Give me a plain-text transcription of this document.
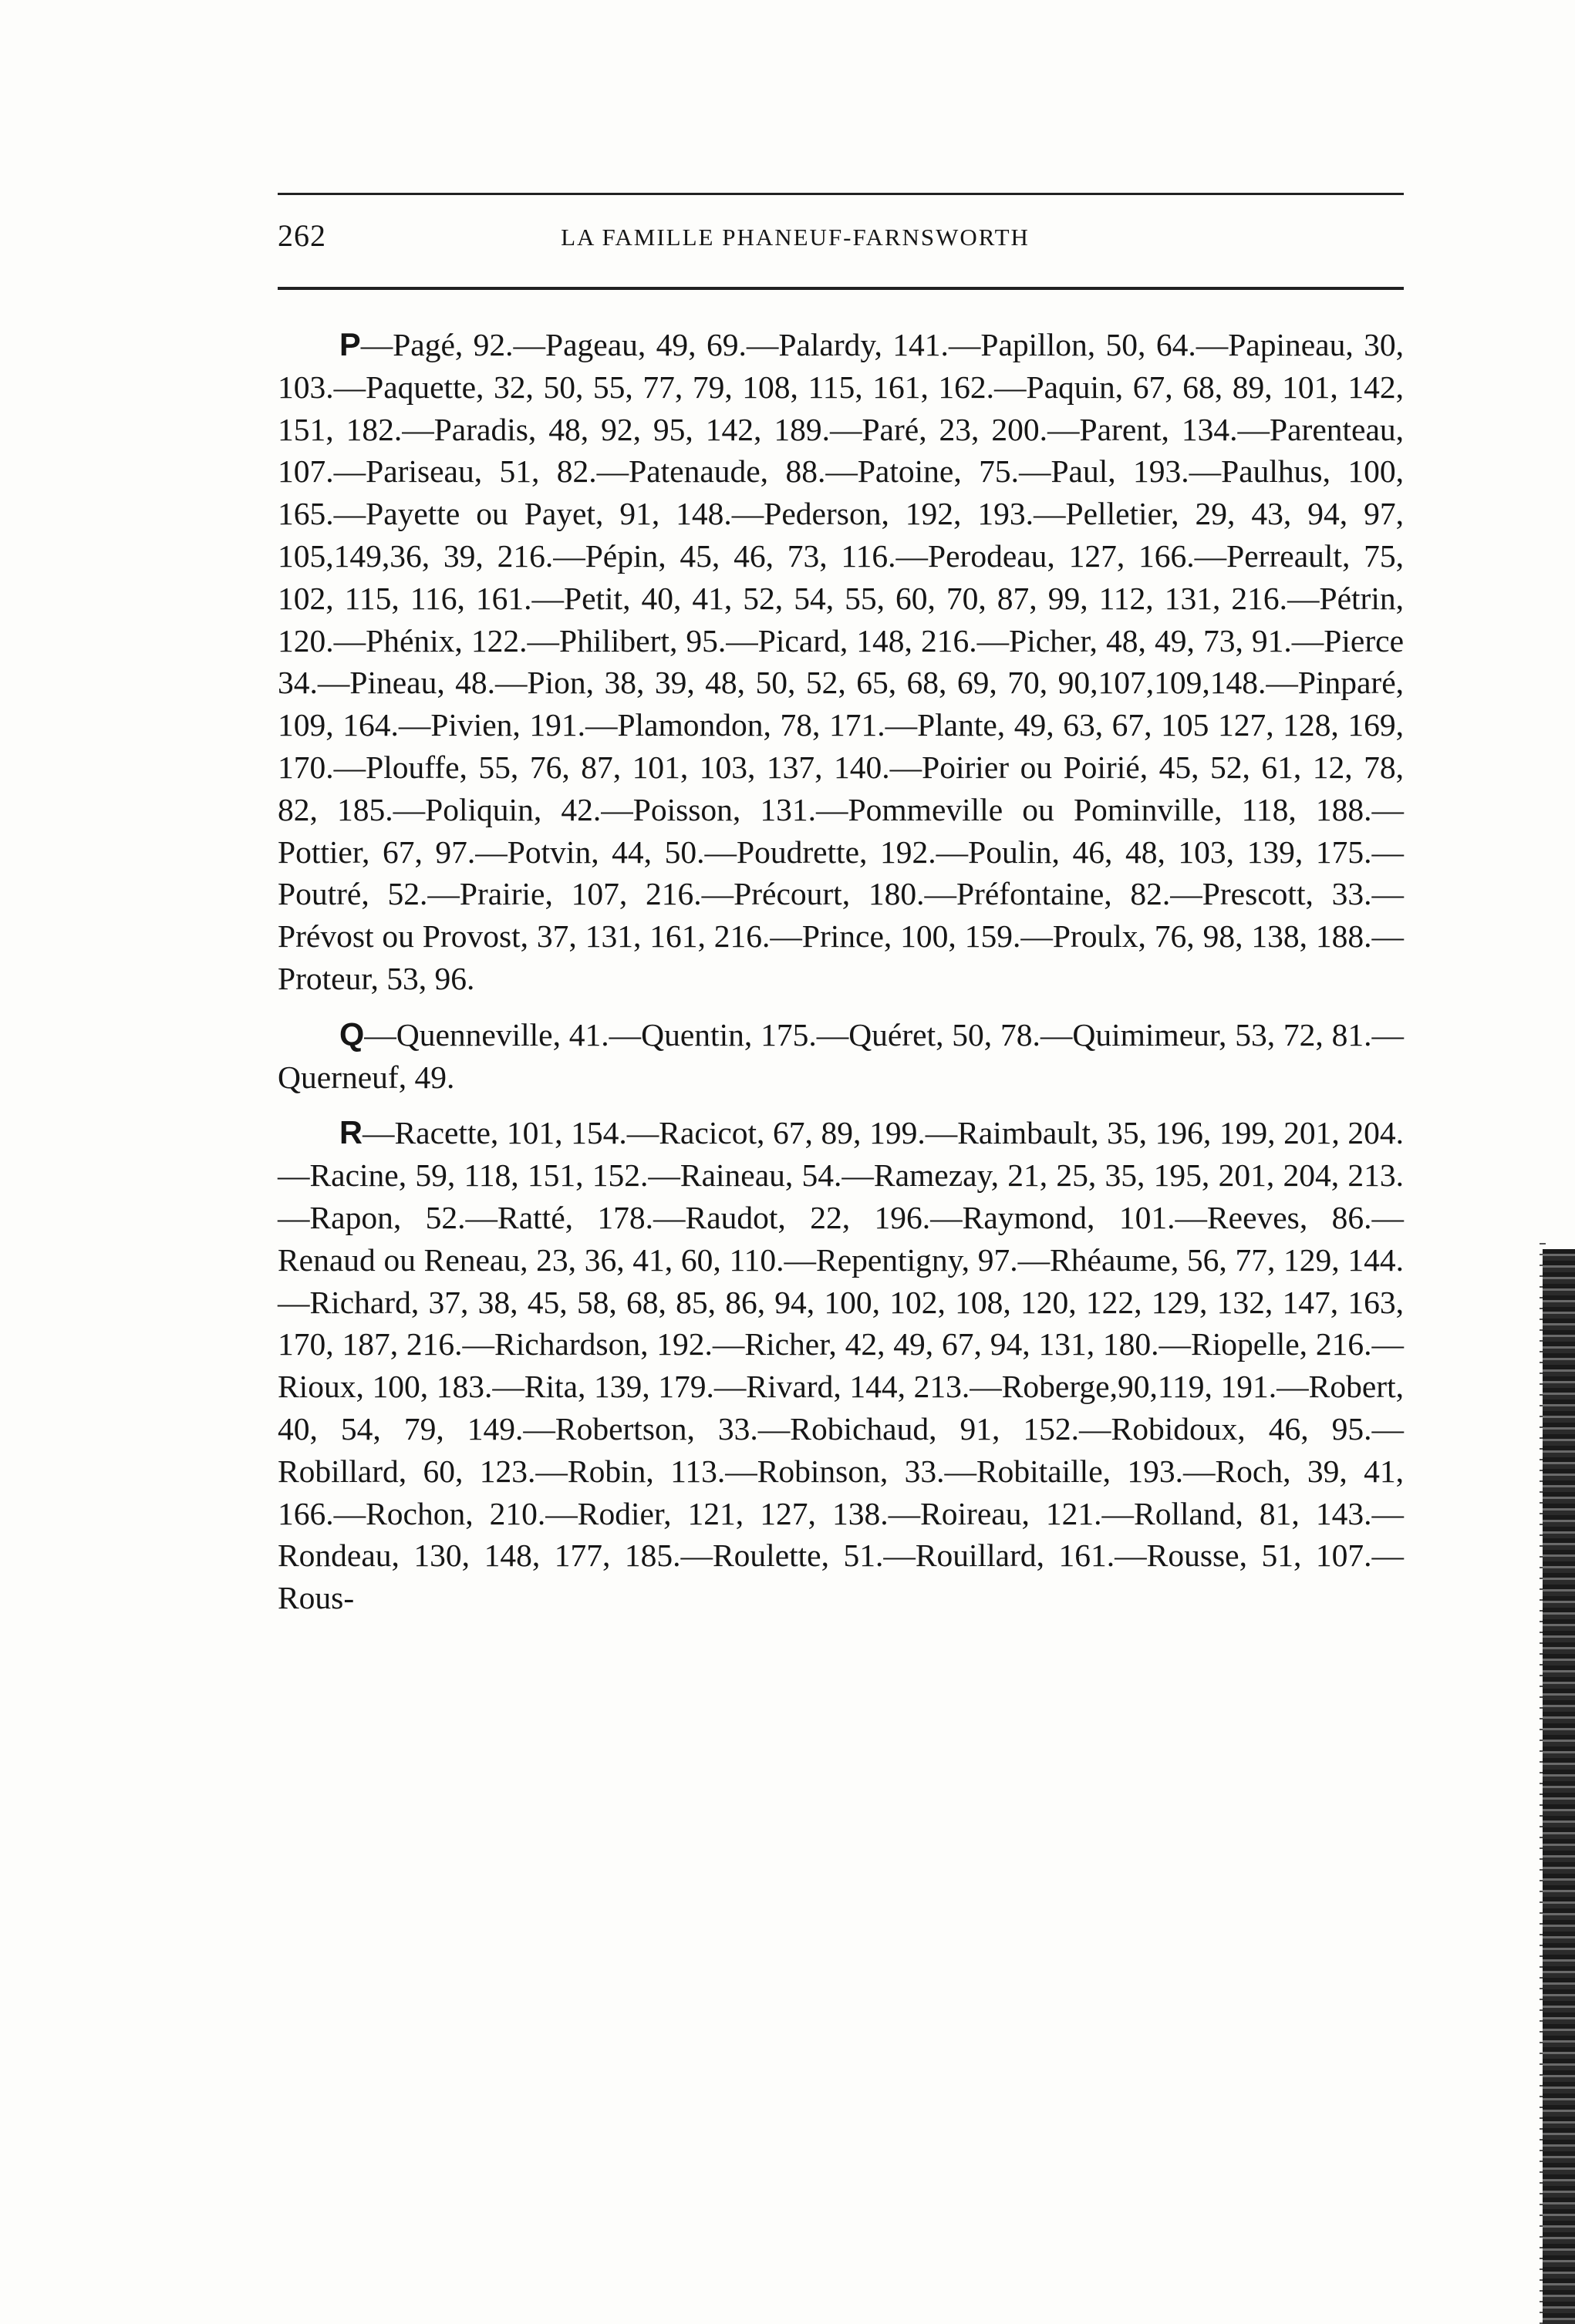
262	LA FAMILLE PHANEUF-FARNSWORTH

P—Pagé, 92.—Pageau, 49, 69.—Palardy, 141.—Papillon, 50, 64.—Papineau, 30, 103.—Paquette, 32, 50, 55, 77, 79, 108, 115, 161, 162.—Paquin, 67, 68, 89, 101, 142, 151, 182.—Paradis, 48, 92, 95, 142, 189.—Paré, 23, 200.—Parent, 134.—Parenteau, 107.—Pariseau, 51, 82.—Patenaude, 88.—Patoine, 75.—Paul, 193.—Paulhus, 100, 165.—Payette ou Payet, 91, 148.—Pederson, 192, 193.—Pelletier, 29, 43, 94, 97, 105,149,36, 39, 216.—Pépin, 45, 46, 73, 116.—Perodeau, 127, 166.—Perreault, 75, 102, 115, 116, 161.—Petit, 40, 41, 52, 54, 55, 60, 70, 87, 99, 112, 131, 216.—Pétrin, 120.—Phénix, 122.—Philibert, 95.—Picard, 148, 216.—Picher, 48, 49, 73, 91.—Pierce 34.—Pineau, 48.—Pion, 38, 39, 48, 50, 52, 65, 68, 69, 70, 90,107,109,148.—Pinparé, 109, 164.—Pivien, 191.—Plamondon, 78, 171.—Plante, 49, 63, 67, 105 127, 128, 169, 170.—Plouffe, 55, 76, 87, 101, 103, 137, 140.—Poirier ou Poirié, 45, 52, 61, 12, 78, 82, 185.—Poliquin, 42.—Poisson, 131.—Pommeville ou Pominville, 118, 188.—Pottier, 67, 97.—Potvin, 44, 50.—Poudrette, 192.—Poulin, 46, 48, 103, 139, 175.—Poutré, 52.—Prairie, 107, 216.—Précourt, 180.—Préfontaine, 82.—Prescott, 33.—Prévost ou Provost, 37, 131, 161, 216.—Prince, 100, 159.—Proulx, 76, 98, 138, 188.—Proteur, 53, 96.

Q—Quenneville, 41.—Quentin, 175.—Quéret, 50, 78.—Quimimeur, 53, 72, 81.—Querneuf, 49.

R—Racette, 101, 154.—Racicot, 67, 89, 199.—Raimbault, 35, 196, 199, 201, 204.—Racine, 59, 118, 151, 152.—Raineau, 54.—Ramezay, 21, 25, 35, 195, 201, 204, 213.—Rapon, 52.—Ratté, 178.—Raudot, 22, 196.—Raymond, 101.—Reeves, 86.—Renaud ou Reneau, 23, 36, 41, 60, 110.—Repentigny, 97.—Rhéaume, 56, 77, 129, 144.—Richard, 37, 38, 45, 58, 68, 85, 86, 94, 100, 102, 108, 120, 122, 129, 132, 147, 163, 170, 187, 216.—Richardson, 192.—Richer, 42, 49, 67, 94, 131, 180.—Riopelle, 216.—Rioux, 100, 183.—Rita, 139, 179.—Rivard, 144, 213.—Roberge,90,119, 191.—Robert, 40, 54, 79, 149.—Robertson, 33.—Robichaud, 91, 152.—Robidoux, 46, 95.—Robillard, 60, 123.—Robin, 113.—Robinson, 33.—Robitaille, 193.—Roch, 39, 41, 166.—Rochon, 210.—Rodier, 121, 127, 138.—Roireau, 121.—Rolland, 81, 143.—Rondeau, 130, 148, 177, 185.—Roulette, 51.—Rouillard, 161.—Rousse, 51, 107.—Rous-
